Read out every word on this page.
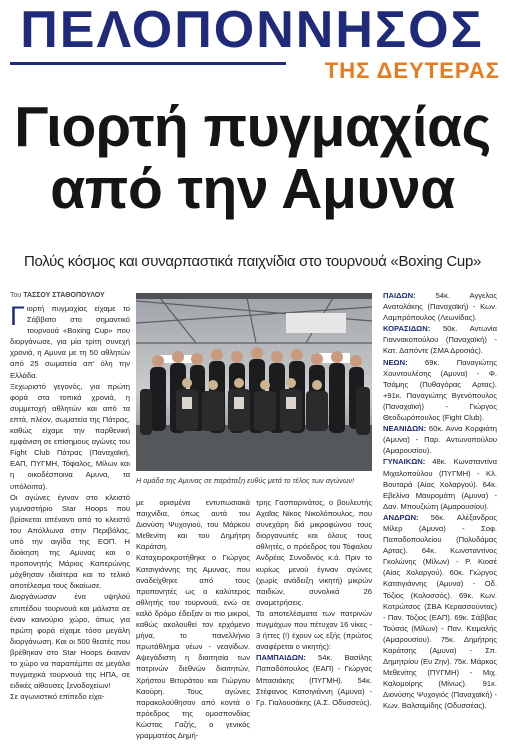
ΠΕΛΟΠΟΝΝΗΣΟΣ
ΤΗΣ ΔΕΥΤΕΡΑΣ
Γιορτή πυγμαχίας
από την Αμυνα
Πολύς κόσμος και συναρπαστικά παιχνίδια στο τουρνουά «Boxing Cup»
Του ΤΑΣΣΟΥ ΣΤΑΘΟΠΟΥΛΟΥ

Γιορτή πυγμαχίας είχαμε το Σάββατο στο σημαντικό τουρνουά «Boxing Cup» που διοργάνωσε, για μία τρίτη συνεχή χρονιά, η Αμυνα με τη 50 αθλητών από 25 σωματεία απ' όλη την Ελλάδα.

Ξεχωριστό γεγονός, για πρώτη φορά στα τοπικά χρονιά, η συμμετοχή αθλητών και από τα επτά, πλέον, σωματεία της Πάτρας, καθώς είχαμε την παρθενική εμφάνιση σε επίσημους αγώνες του Fight Club Πάτρας (Παναχαϊκή, ΕΑΠ, ΠΥΓΜΗ, Τόφαλος, Μίλων και η οικοδέσποινα Αμυνα, τα υπόλοιπα).

Οι αγώνες έγιναν στο κλειστό γυμναστήριο Star Hoops που βρίσκεται απέναντι από το κλειστό του Απόλλωνα στην Περιβόλας, υπό την αιγίδα της ΕΟΠ. Η διοίκηση της Αμυνας και ο προπονητής Μάριος Καπερώνης μόχθησαν ιδιαίτερα και το τελικό αποτέλεσμα τους δικαίωσε.

Διοργάνωσαν ένα υψηλού επιπέδου τουρνουά και μάλιστα σε έναν καινούριο χώρο, όπως για πρώτη φορά είχαμε τόσο μεγάλη διοργάνωση. Και οι 500 θεατές που βρέθηκαν στο Star Hoops έκαναν το χώρο να παραπέμπει σε μεγάλα πυγμαχικά τουρνουά της ΗΠΑ, σε ειδικές αίθουσες ξενοδοχείων!

Σε αγωνιστικό επίπεδο είχα-

Η ομάδα της Αμυνας σε παράταξη ευθύς μετά το τέλος των αγώνων!

με ορισμένα εντυπωσιακά παιχνίδια, όπως αυτά του Διονύση Ψυχογιού, του Μάρκου Μεθενίτη και του Δημήτρη Καράτση.

Καταχειροκροτήθηκε ο Γιώργος Κατσιγιάννης της Αμυνας, που αναδείχθηκε από τους προπονητές ως ο καλύτερος αθλητής του τουρνουά, ενώ σε καλό δρόμο έδειξαν οι πιο μικροί, καθώς ακολουθεί τον ερχόμενο μήνα, το πανελλήνιο πρωτάθλημα νέων - νεανίδων. Αψεγάδιστη η διαιτησία των πατρινών διεθνών διαιτητών, Χρήστου Βιτυράτου και Γιώργου Καούρη. Τους αγώνες παρακολούθησαν από κοντά ο πρόεδρος της ομοσπονδίας Κώστας Γαζής, ο γενικός γραμματέας Δημή-

τρης Γασπαρινάτος, ο βουλευτής Αχαΐας Νίκος Νικολόπουλος, που συνεχάρη διά μικροφώνου τους διοργανωτές και όλους τους αθλητές, ο πρόεδρος του Τόφαλου Ανδρέας Συνοδινός κ.ά. Πριν το κυρίως μενού έγιναν αγώνες (χωρίς ανάδειξη νικητή) μικρών παιδιών, συνολικά 26 αναμετρήσεις.

Τα αποτελέσματα των πατρινών πυγμάχων που πέτυχαν 16 νίκες - 3 ήττες (!) έχουν ως εξής (πρώτος αναφέρεται ο νικητής):

ΠΑΜΠΑΙΔΩΝ: 54κ. Βασίλης Παπαδόπουλος (ΕΑΠ) - Γιώργος Μπασιάκης (ΠΥΓΜΗ). 54κ. Στέφανος Κατσιγιάννη (Αμυνα) - Γρ. Γιαλουσάκης (Α.Σ. Οδυσσεύς).

ΠΑΙΔΩΝ: 54κ. Αγγελος Ανατολάκης (Παναχαϊκή) - Κων. Λαμπρόπουλος (Λεωνίδας).

ΚΟΡΑΣΙΔΩΝ: 50κ. Αντωνία Γιαννακοπούλου (Παναχαϊκή) - Κατ. Δαπόντε (ΣΜΑ Δροσιάς).

ΝΕΩΝ: 69κ. Παναγιώτης Χουντουλέσης (Αμυνα) - Φ. Τσάμης (Πυθαγόρας Αρτας). +91κ. Παναγιώτης Βγενόπουλος (Παναχαϊκή) - Γιώργος Θεοδωρόπουλος (Fight Club).

ΝΕΑΝΙΔΩΝ: 60κ. Αννα Κορφιάτη (Αμυνα) - Παρ. Αντωνοπούλου (Αμαρουσίου).

ΓΥΝΑΙΚΩΝ: 48κ. Κωνσταντίνα Μιχαλοπούλου (ΠΥΓΜΗ) - Κλ. Βουταρά (Αίας Χολαργού). 64κ. Εβελίνα Μαυρομάτη (Αμυνα) - Δαν. Μπουζιώτη (Αμαρουσίου).

ΑΝΔΡΩΝ: 56κ. Αλέξανδρος Μίλερ (Αμυνα) - Σοφ. Παπαδοπουλείου (Πολυδάμας Αρτας). 64κ. Κωνσταντίνος Γκολώνης (Μίλων) - Ρ. Κιοσέ (Αίας Χολαργού). 60κ. Γιώργος Κατσιγιάννης (Αμυνα) - Οδ. Τόζιος (Κολοσσός). 69κ. Κων. Κοτρώτσος (ΣΒΑ Κερασσούντας) - Παν. Τόζιος (ΕΑΠ). 69κ. Σάββας Τούσας (Μίλων) - Παν. Κειμαλής (Αμαρουσίου). 75κ. Δημήτρης Καράτσης (Αμυνα) - Σπ. Δημητρίου (Ευ Ζην). 75κ. Μάρκος Μεθενίτης (ΠΥΓΜΗ) - Μιχ. Καλομοίρης (Μίνως). 91κ. Διονύσης Ψυχογιός (Παναχαϊκή) - Κων. Βαλσαμίδης (Οδυσσέας).
